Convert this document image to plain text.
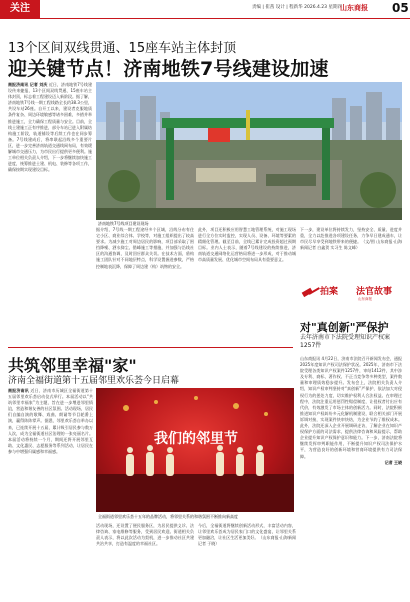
关注	责编 | 崔茜 设计 | 程新华 2026.4.23 星期四
山东商报 05
13个区间双线贯通、15座车站主体封顶
迎关键节点！济南地铁7号线建设加速
商报济南讯 记者 刘庆 近日，济南地铁7号线建设传来捷报，13个区间双线贯通、15座车站主体封顶，标志着工程建设迈入新阶段。据了解，济南地铁7号线一期工程线路全长约38.3公里，共设车站26座。自开工以来，建设者克服地质条件复杂、周边环境敏感等诸多困难，多措并举推进施工，全力确保工程质量与安全。目前，全线土建施工正有序推进，部分车站已进入附属结构施工阶段，轨道铺设等后续工作也在同步筹备。7号线建成后，将串联起沿线多个重要片区，进一步完善济南轨道交通线网布局，有效缓解城市交通压力，为市民出行提供更多便利。施工单位相关负责人介绍，下一步将继续加快施工进度，统筹推进土建、机电、装修等各项工作，确保按期实现建设目标。
济南地铁7号线项目建设现场
据介绍，7号线一期工程途经多个区域，沿线分布有住宅小区、商业综合体、学校等，对施工组织提出了较高要求。为减少施工对周边居民的影响，项目部采取了围挡降噪、洒水抑尘、错峰施工等措施，并加强与沿线社区的沟通协调，及时回应群众关切。在技术方面，盾构施工团队针对不同地层特点，科学设置掘进参数，严格控制地表沉降，保障了周边建（构）筑物的安全。
此外，项目还积极应用智慧工地管理系统，对施工现场进行全方位实时监控，实现人员、设备、环境等要素的精细化管理。截至目前，全线已累计完成投资超过预期目标。业内人士表示，随着7号线建设的持续推进，济南轨道交通网络化运营格局将进一步形成，对于推动城市高质量发展、优化城市空间布局具有重要意义。
下一步，建设单位将持续发力，坚持安全、质量、进度并重，全力以赴推进各项建设任务，力争早日建成通车，让市民尽早享受到地铁带来的便捷。（文/图 山东商报·山海新闻记者 白鑫贺 实习生 陈文峰）
拍案 法官故事
山东商报
对"真创新"严保护
去年济南市下法院受理知识产权案1257件
共筑邻里幸福"家"
济南全福街道第十五届邻里欢乐荟今日启幕
商报济南讯 近日，济南市历城区全福街道第十五届邻里欢乐荟启动仪式举行。本届活动以“共筑邻里幸福家”为主题，旨在进一步增进邻里情谊，营造和谐友善的社区氛围。活动现场，居民们自编自演的歌舞、戏曲、朗诵等节目轮番上演，赢得阵阵掌声。据悉，邻里欢乐荟自举办以来，已连续开展十五届，累计吸引居民参与数万人次，成为全福街道社区治理的一张亮丽名片。本届活动将持续一个月，期间还将开展邻里互助、文化惠民、志愿服务等系列活动，让居民在参与中增强归属感和幸福感。
我们的邻里节
全福街道邻里欢乐荟十五年的品牌活动，将邻里关系的和谐氛围不断推向新高度
活动现场，还设置了便民服务区，为居民提供义诊、法律咨询、家电维修等服务，受到居民欢迎。街道相关负责人表示，将以此次活动为契机，进一步推动社区共建共治共享，打造有温度的幸福社区。
今后，全福街道将继续创新活动形式，丰富活动内容，让邻里欢乐荟成为居民家门口的文化盛宴，让邻里关系更加融洽，让社区生活更加美好。（山东商报·山海新闻记者 于晓）
山东商报讯 4月22日，济南市法院召开新闻发布会，通报2025年度知识产权司法保护状况。2025年，济南市下法院受理各类知识产权案件1257件，审结1412件，其中涉及专利、商标、著作权、不正当竞争等多种类型，案件数量和审理质效稳步提升。发布会上，法院相关负责人介绍，知识产权审判坚持对“真创新”严保护，依法加大对侵权行为的惩处力度，切实维护权利人合法权益。在审理过程中，法院注重运用惩罚性赔偿制度，让侵权者付出应有代价，有效激发了市场主体的创新活力。同时，法院积极推进知识产权纠纷多元化解机制建设，联合相关部门开展诉调对接，实现案件快审快结，为企业节约了维权成本。此外，法院还深入企业开展调研走访，了解企业在知识产权保护方面的司法需求，提供法律咨询和风险提示，帮助企业提升知识产权保护意识和能力。下一步，济南法院将继续发挥审判职能作用，不断提升知识产权司法保护水平，为营造良好的创新环境和营商环境提供有力司法保障。
记者 王晓
